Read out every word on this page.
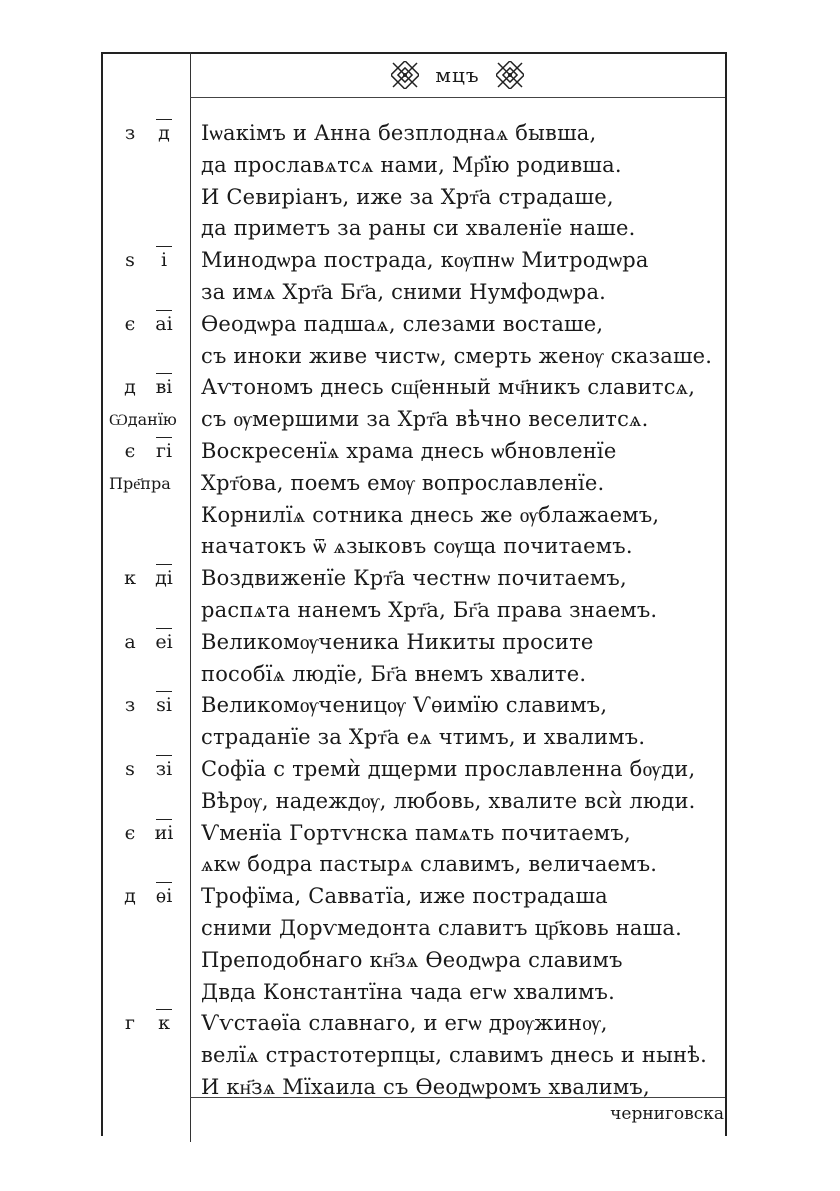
мцъ
з	д	Іѡакімъ и Анна безплоднаѧ бывша,
да прославѧтсѧ нами, Мр҃їю родивша.
И Севиріанъ, иже за Хрт҃а страдаше,
да приметъ за раны си хваленїе наше.
ѕ	і	Минодѡра пострада, кѹпнѡ Митродѡра
за имѧ Хрт҃а Бг҃а, сними Нумфодѡра.
є	аі	Ѳеодѡра падшаѧ, слезами восташе,
съ иноки живе чистѡ, смерть женѹ сказаше.
д	ві	Аѵтономъ днесь сщ҃енный мч҃никъ славитсѧ,
Ѡданїю	съ ѹмершими за Хрт҃а вѣчно веселитсѧ.
є	гі	Воскресенїѧ храма днесь ѡбновленїе
Пре҃пра	Хрт҃ова, поемъ емѹ вопрославленїе.
Корнилїѧ сотника днесь же ѹблажаемъ,
начатокъ ѿ ѧзыковъ сѹща почитаемъ.
к	ді	Воздвиженїе Крт҃а честнѡ почитаемъ,
распѧта нанемъ Хрт҃а, Бг҃а права знаемъ.
а	еі	Великомѹченика Никиты просите
пособїѧ людїе, Бг҃а внемъ хвалите.
з	ѕі	Великомѹченицѹ Ѵѳимїю славимъ,
страданїе за Хрт҃а еѧ чтимъ, и хвалимъ.
ѕ	зі	Софїа с тремѝ дщерми прославленна бѹди,
Вѣрѹ, надеждѹ, любовь, хвалите всѝ люди.
є	иі	Ѵменїа Гортѵнска памѧть почитаемъ,
ѧкѡ бодра пастырѧ славимъ, величаемъ.
д	ѳі	Трофїма, Савватїа, иже пострадаша
сними Дорѵмедонта славитъ цр҃ковь наша.
Преподобнаго кн҃зѧ Ѳеодѡра славимъ
Двда Константїна чада егѡ хвалимъ.
г	к	Ѵѵстаѳїа славнаго, и егѡ дрѹжинѹ,
велїѧ страстотерпцы, славимъ днесь и нынѣ.
И кн҃зѧ Мїхаила съ Ѳеодѡромъ хвалимъ,
черниговска
